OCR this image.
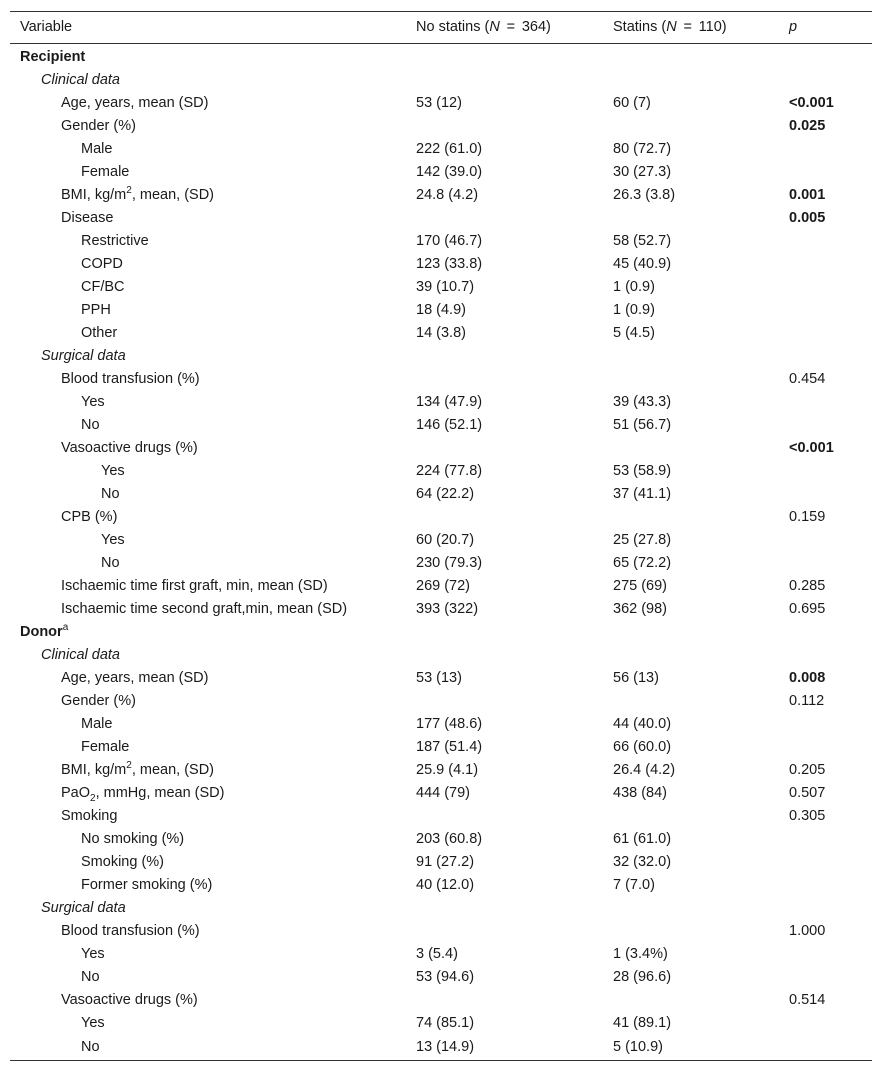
Variable	No statins (N = 364)	Statins (N = 110)	p
Recipient			
Clinical data			
Age, years, mean (SD)	53 (12)	60 (7)	<0.001
Gender (%)			0.025
Male	222 (61.0)	80 (72.7)	
Female	142 (39.0)	30 (27.3)	
BMI, $kg/m^2$, mean, (SD)	24.8 (4.2)	26.3 (3.8)	0.001
Disease			0.005
Restrictive	170 (46.7)	58 (52.7)	
COPD	123 (33.8)	45 (40.9)	
CF/BC	39 (10.7)	1 (0.9)	
PPH	18 (4.9)	1 (0.9)	
Other	14 (3.8)	5 (4.5)	
Surgical data			
Blood transfusion (%)			0.454
Yes	134 (47.9)	39 (43.3)	
No	146 (52.1)	51 (56.7)	
Vasoactive drugs (%)			<0.001
Yes	224 (77.8)	53 (58.9)	
No	64 (22.2)	37 (41.1)	
CPB (%)			0.159
Yes	60 (20.7)	25 (27.8)	
No	230 (79.3)	65 (72.2)	
Ischaemic time first graft, min, mean (SD)	269 (72)	275 (69)	0.285
Ischaemic time second graft,min, mean (SD)	393 (322)	362 (98)	0.695
Donor$^a$			
Clinical data			
Age, years, mean (SD)	53 (13)	56 (13)	0.008
Gender (%)			0.112
Male	177 (48.6)	44 (40.0)	
Female	187 (51.4)	66 (60.0)	
BMI, $kg/m^2$, mean, (SD)	25.9 (4.1)	26.4 (4.2)	0.205
PaO$_2$, mmHg, mean (SD)	444 (79)	438 (84)	0.507
Smoking			0.305
No smoking (%)	203 (60.8)	61 (61.0)	
Smoking (%)	91 (27.2)	32 (32.0)	
Former smoking (%)	40 (12.0)	7 (7.0)	
Surgical data			
Blood transfusion (%)			1.000
Yes	3 (5.4)	1 (3.4%)	
No	53 (94.6)	28 (96.6)	
Vasoactive drugs (%)			0.514
Yes	74 (85.1)	41 (89.1)	
No	13 (14.9)	5 (10.9)	
